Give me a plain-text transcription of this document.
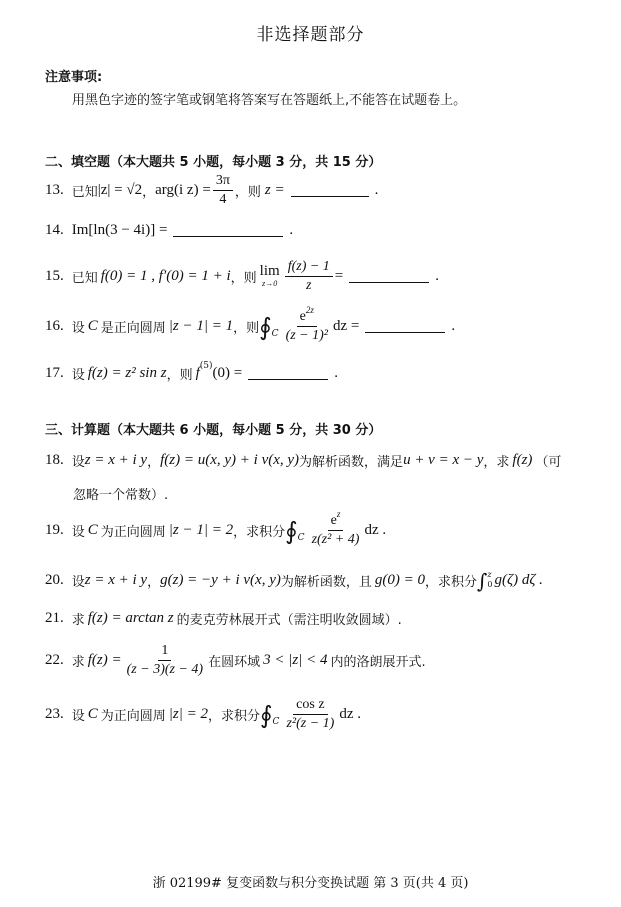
非选择题部分
注意事项:
用黑色字迹的签字笔或钢笔将答案写在答题纸上,不能答在试题卷上。
二、填空题（本大题共 5 小题，每小题 3 分，共 15 分）
13. 已知 |z| = √2 ， arg(i $z) = \frac{3\pi}{4}$ ，则 z =	.
14. Im[ln(3 − 4i)] =	.
15. 已知 f(0) = 1 , f′(0) = 1 + i ，则 lim
$z\to 0 \frac{f(z) - 1}{z}$ =	.
16. 设 C 是正向圆周 |z − 1| = 1 ，则 ∮ C $\frac{e^{2z}}{\text{(z − 1)²}}$ dz =	.
17. 设 f(z) = z² sin z ，则 f (5) (0) =	.
三、计算题（本大题共 6 小题，每小题 5 分，共 30 分）
18. 设 z = x + i y ， f(z) = u(x, y) + i v(x, y) 为解析函数，满足 u + v = x − y ，求 f(z) （可
忽略一个常数）.
19. 设 C 为正向圆周 |z − 1| = 2 ，求积分 ∮ C $\frac{e^z}{\text{z(z² + 4)}}$ dz .
20. 设 z = x + i y ， g(z) = −y + i v(x, y) 为解析函数，且 g(0) = 0 ，求积分 ∫ z
0 g(ζ) dζ .
21. 求 f(z) = arctan z 的麦克劳林展开式（需注明收敛圆域）.
22. 求 $f(z) = \frac{1}{(z - 3)(z - 4)}$ 在圆环域 3 < |z| < 4 内的洛朗展开式.
23. 设 C 为正向圆周 |z| = 2 ，求积分 ∮ C $\frac{\text{cos z}}{\text{z²(z − 1)}}$ dz .
浙 02199# 复变函数与积分变换试题 第 3 页(共 4 页)
